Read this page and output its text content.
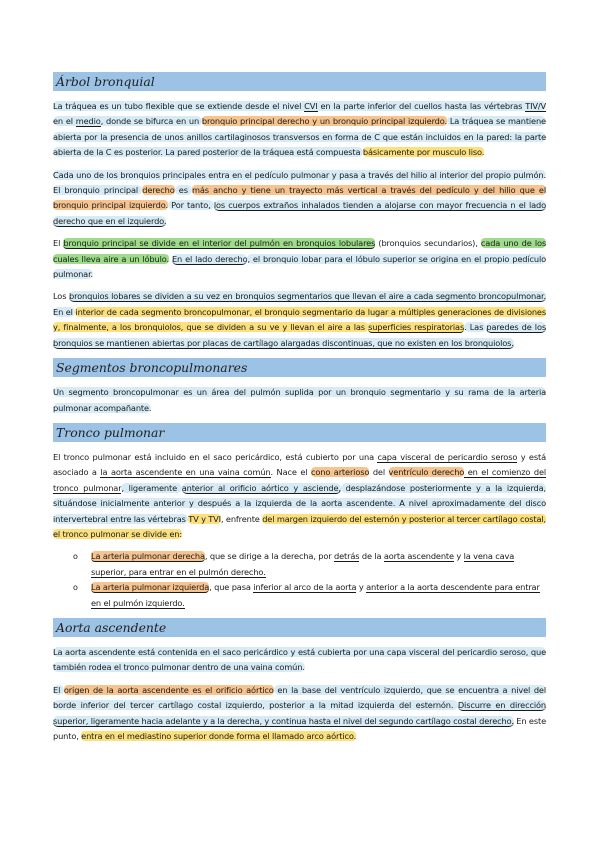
Árbol bronquial

La tráquea es un tubo flexible que se extiende desde el nivel CVI en la parte inferior del cuellos hasta las vértebras TIV/V en el medio, donde se bifurca en un bronquio principal derecho y un bronquio principal izquierdo. La tráquea se mantiene abierta por la presencia de unos anillos cartilaginosos transversos en forma de C que están incluidos en la pared: la parte abierta de la C es posterior. La pared posterior de la tráquea está compuesta básicamente por musculo liso.

Cada uno de los bronquios principales entra en el pedículo pulmonar y pasa a través del hilio al interior del propio pulmón. El bronquio principal derecho es más ancho y tiene un trayecto más vertical a través del pedículo y del hilio que el bronquio principal izquierdo. Por tanto, los cuerpos extraños inhalados tienden a alojarse con mayor frecuencia n el lado derecho que en el izquierdo.

El bronquio principal se divide en el interior del pulmón en bronquios lobulares (bronquios secundarios), cada uno de los cuales lleva aire a un lóbulo. En el lado derecho, el bronquio lobar para el lóbulo superior se origina en el propio pedículo pulmonar.

Los bronquios lobares se dividen a su vez en bronquios segmentarios que llevan el aire a cada segmento broncopulmonar. En el interior de cada segmento broncopulmonar, el bronquio segmentario da lugar a múltiples generaciones de divisiones y, finalmente, a los bronquiolos, que se dividen a su ve y llevan el aire a las superficies respiratorias. Las paredes de los bronquios se mantienen abiertas por placas de cartílago alargadas discontinuas, que no existen en los bronquiolos.

Segmentos broncopulmonares

Un segmento broncopulmonar es un área del pulmón suplida por un bronquio segmentario y su rama de la arteria pulmonar acompañante.

Tronco pulmonar

El tronco pulmonar está incluido en el saco pericárdico, está cubierto por una capa visceral de pericardio seroso y está asociado a la aorta ascendente en una vaina común. Nace el cono arterioso del ventrículo derecho en el comienzo del tronco pulmonar, ligeramente anterior al orificio aórtico y asciende, desplazándose posteriormente y a la izquierda, situándose inicialmente anterior y después a la izquierda de la aorta ascendente. A nivel aproximadamente del disco intervertebral entre las vértebras TV y TVI, enfrente del margen izquierdo del esternón y posterior al tercer cartílago costal, el tronco pulmonar se divide en:

o La arteria pulmonar derecha, que se dirige a la derecha, por detrás de la aorta ascendente y la vena cava superior, para entrar en el pulmón derecho.
o La arteria pulmonar izquierda, que pasa inferior al arco de la aorta y anterior a la aorta descendente para entrar en el pulmón izquierdo.
Aorta ascendente

La aorta ascendente está contenida en el saco pericárdico y está cubierta por una capa visceral del pericardio seroso, que también rodea el tronco pulmonar dentro de una vaina común.

El origen de la aorta ascendente es el orificio aórtico en la base del ventrículo izquierdo, que se encuentra a nivel del borde inferior del tercer cartílago costal izquierdo, posterior a la mitad izquierda del esternón. Discurre en dirección superior, ligeramente hacia adelante y a la derecha, y continua hasta el nivel del segundo cartílago costal derecho. En este punto, entra en el mediastino superior donde forma el llamado arco aórtico.
